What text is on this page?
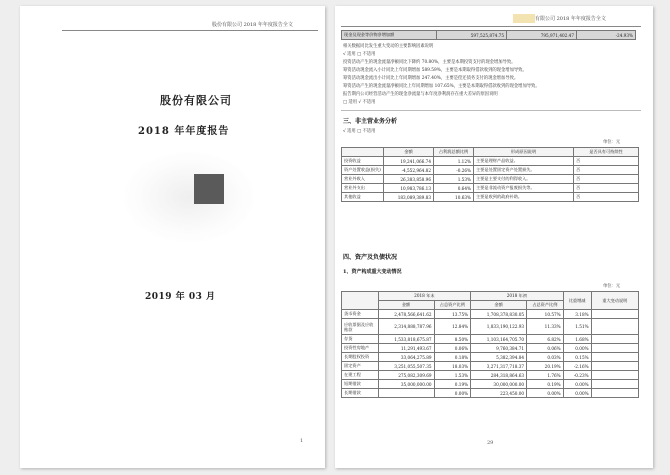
股份有限公司 2018 年年度报告全文
股份有限公司
2018 年年度报告
2019 年 03 月
1
有限公司 2018 年年度报告全文
现金及现金等价物净增加额	597,525,874.75	795,971,402.47	-24.93%
相关数据同比发生重大变动的主要影响因素说明
√ 适用 □ 不适用
投资活动产生的现金流量净额同比下降约 70.80%，主要是本期投资支付的现金增加导致。
筹资活动现金流入小计同比上年同期增加 589.59%，主要是本期取得借款收到的现金增加导致。
筹资活动现金流出小计同比上年同期增加 247.40%，主要是偿还债务支付的现金增加导致。
筹资活动产生的现金流量净额同比上年同期增加 107.65%，主要是本期取得借款收到的现金增加导致。
报告期内公司经营活动产生的现金净流量与本年度净利润存在重大差异的原因说明
□ 适用 √ 不适用
三、非主营业务分析
√ 适用 □ 不适用
单位：元
	金额	占利润总额比例	形成原因说明	是否具有可持续性
投资收益	19,241,066.74	1.12%	主要是理财产品收益。	否
资产处置收益(损失)	-4,552,964.82	-0.26%	主要是处置固定资产处置损失。	否
营业外收入	26,383,858.96	1.53%	主要是主要支付的利得收入。	否
营业外支出	10,983,786.13	0.64%	主要是非流动资产报废损失等。	否
其他收益	183,089,389.83	10.63%	主要是收到的政府补助。	否
四、资产及负债状况
1、资产构成重大变动情况
单位：元
	2018 年末		2018 年初		比重增减	重大变动说明
	金额	占总资产比例	金额	占总资产比例		
货币资金	2,478,566,641.62	13.75%	1,708,378,830.05	10.57%	3.18%	
应收票据及应收账款	2,314,888,787.96	12.84%	1,833,190,122.93	11.33%	1.51%	
存货	1,533,818,675.87	8.50%	1,103,164,705.70	6.82%	1.68%	
投资性房地产	11,291,493.67	0.06%	9,760,384.71	0.06%	0.00%	
长期股权投资	33,064,275.89	0.18%	5,382,394.84	0.03%	0.15%	
固定资产	3,251,055,507.35	18.03%	3,271,317,718.37	20.19%	-2.16%	
在建工程	275,082,309.69	1.53%	284,318,864.63	1.76%	-0.23%	
短期借款	35,000,000.00	0.19%	30,000,000.00	0.19%	0.00%	
长期借款		0.00%	223,450.00	0.00%	0.00%	
29
